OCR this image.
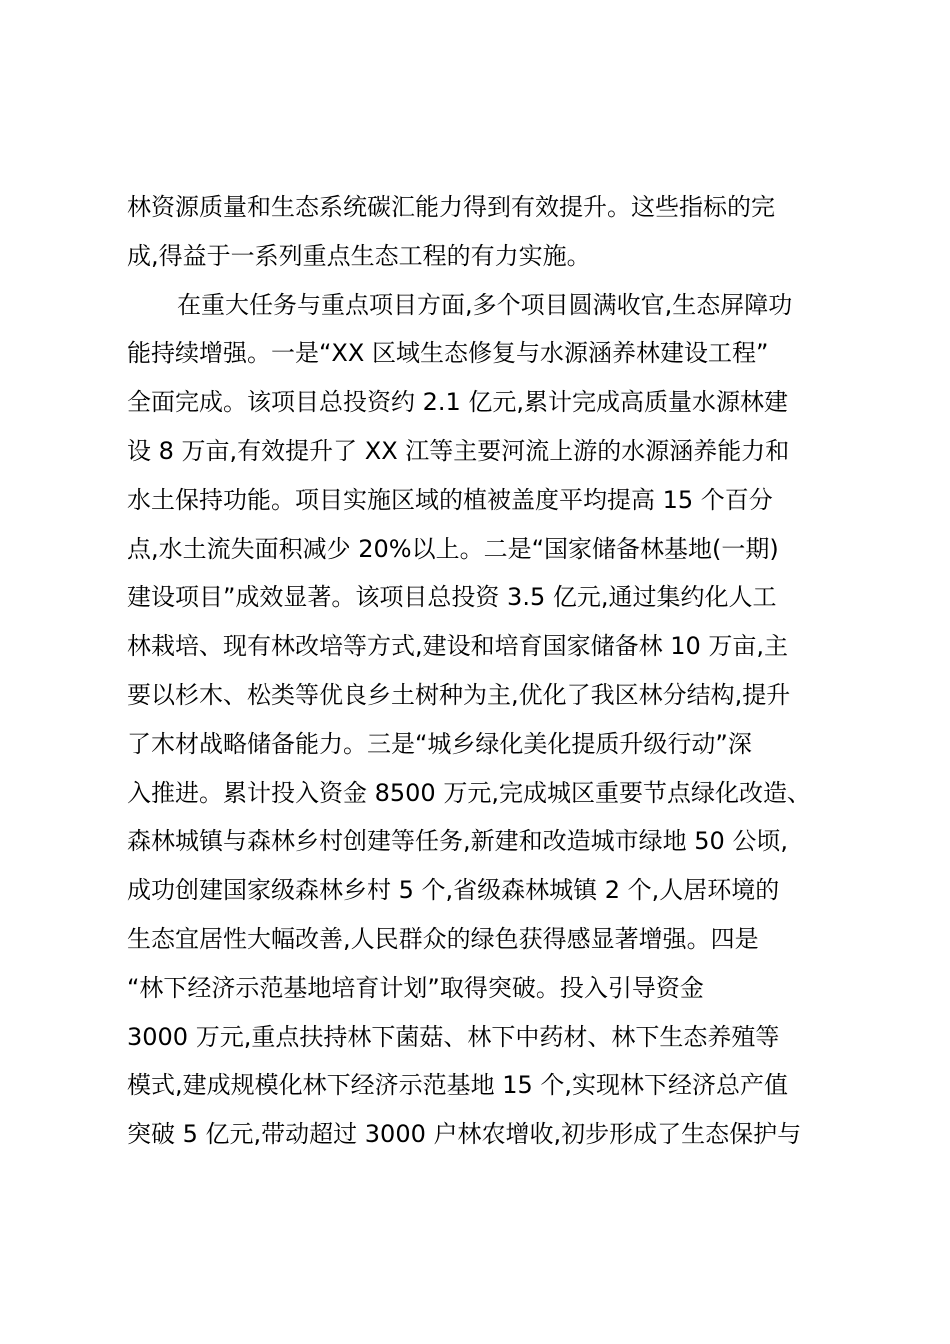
林资源质量和生态系统碳汇能力得到有效提升。这些指标的完
成,得益于一系列重点生态工程的有力实施。
在重大任务与重点项目方面,多个项目圆满收官,生态屏障功
能持续增强。一是“XX 区域生态修复与水源涵养林建设工程”
全面完成。该项目总投资约 2.1 亿元,累计完成高质量水源林建
设 8 万亩,有效提升了 XX 江等主要河流上游的水源涵养能力和
水土保持功能。项目实施区域的植被盖度平均提高 15 个百分
点,水土流失面积减少 20%以上。二是“国家储备林基地(一期)
建设项目”成效显著。该项目总投资 3.5 亿元,通过集约化人工
林栽培、现有林改培等方式,建设和培育国家储备林 10 万亩,主
要以杉木、松类等优良乡土树种为主,优化了我区林分结构,提升
了木材战略储备能力。三是“城乡绿化美化提质升级行动”深
入推进。累计投入资金 8500 万元,完成城区重要节点绿化改造、
森林城镇与森林乡村创建等任务,新建和改造城市绿地 50 公顷,
成功创建国家级森林乡村 5 个,省级森林城镇 2 个,人居环境的
生态宜居性大幅改善,人民群众的绿色获得感显著增强。四是
“林下经济示范基地培育计划”取得突破。投入引导资金
3000 万元,重点扶持林下菌菇、林下中药材、林下生态养殖等
模式,建成规模化林下经济示范基地 15 个,实现林下经济总产值
突破 5 亿元,带动超过 3000 户林农增收,初步形成了生态保护与
